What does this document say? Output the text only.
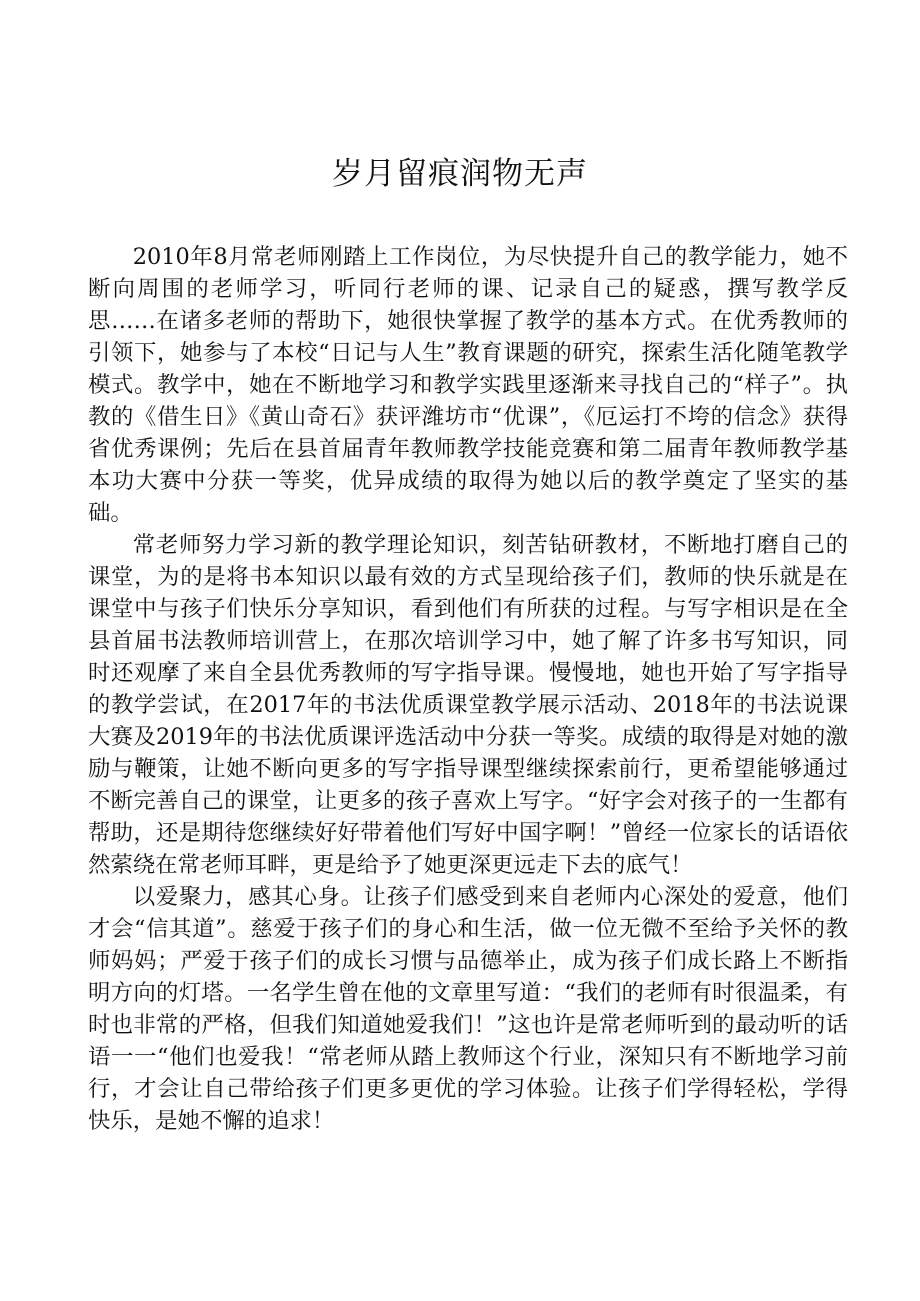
岁月留痕润物无声

2010年8月常老师刚踏上工作岗位，为尽快提升自己的教学能力，她不断向周围的老师学习，听同行老师的课、记录自己的疑惑，撰写教学反思……在诸多老师的帮助下，她很快掌握了教学的基本方式。在优秀教师的引领下，她参与了本校“日记与人生”教育课题的研究，探索生活化随笔教学模式。教学中，她在不断地学习和教学实践里逐渐来寻找自己的“样子”。执教的《借生日》《黄山奇石》获评潍坊市“优课”，《厄运打不垮的信念》获得省优秀课例；先后在县首届青年教师教学技能竞赛和第二届青年教师教学基本功大赛中分获一等奖，优异成绩的取得为她以后的教学奠定了坚实的基础。

常老师努力学习新的教学理论知识，刻苦钻研教材，不断地打磨自己的课堂，为的是将书本知识以最有效的方式呈现给孩子们，教师的快乐就是在课堂中与孩子们快乐分享知识，看到他们有所获的过程。与写字相识是在全县首届书法教师培训营上，在那次培训学习中，她了解了许多书写知识，同时还观摩了来自全县优秀教师的写字指导课。慢慢地，她也开始了写字指导的教学尝试，在2017年的书法优质课堂教学展示活动、2018年的书法说课大赛及2019年的书法优质课评选活动中分获一等奖。成绩的取得是对她的激励与鞭策，让她不断向更多的写字指导课型继续探索前行，更希望能够通过不断完善自己的课堂，让更多的孩子喜欢上写字。“好字会对孩子的一生都有帮助，还是期待您继续好好带着他们写好中国字啊！”曾经一位家长的话语依然萦绕在常老师耳畔，更是给予了她更深更远走下去的底气！

以爱聚力，感其心身。让孩子们感受到来自老师内心深处的爱意，他们才会“信其道”。慈爱于孩子们的身心和生活，做一位无微不至给予关怀的教师妈妈；严爱于孩子们的成长习惯与品德举止，成为孩子们成长路上不断指明方向的灯塔。一名学生曾在他的文章里写道：“我们的老师有时很温柔，有时也非常的严格，但我们知道她爱我们！”这也许是常老师听到的最动听的话语一一“他们也爱我！“常老师从踏上教师这个行业，深知只有不断地学习前行，才会让自己带给孩子们更多更优的学习体验。让孩子们学得轻松，学得快乐，是她不懈的追求！
